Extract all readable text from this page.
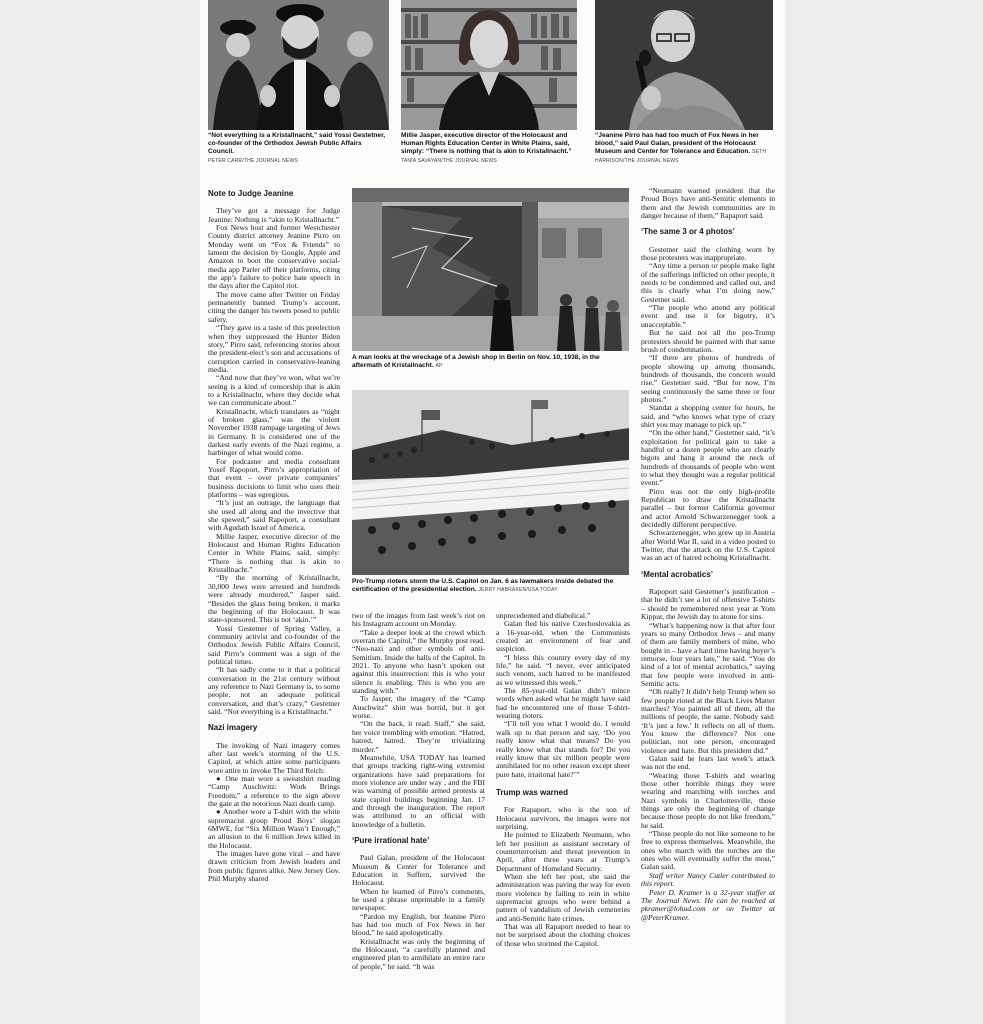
“Not everything is a Kristallnacht,” said Yossi Gestetner, co-founder of the Orthodox Jewish Public Affairs Council.
PETER CARR/THE JOURNAL NEWS
Millie Jasper, executive director of the Holocaust and Human Rights Education Center in White Plains, said, simply: “There is nothing that is akin to Kristallnacht.” TANIA SAVAYAN/THE JOURNAL NEWS
“Jeanine Pirro has had too much of Fox News in her blood,” said Paul Galan, president of the Holocaust Museum and Center for Tolerance and Education. SETH HARRISON/THE JOURNAL NEWS
Note to Judge Jeanine

They’ve got a message for Judge Jeanine: Nothing is “akin to Kristallnacht.”

Fox News host and former Westchester County district attorney Jeanine Pirro on Monday went on “Fox & Friends” to lament the decision by Google, Apple and Amazon to boot the conservative social-media app Parler off their platforms, citing the app’s failure to police hate speech in the days after the Capitol riot.

The move came after Twitter on Friday permanently banned Trump’s account, citing the danger his tweets posed to public safety.

“They gave us a taste of this preelection when they suppressed the Hunter Biden story,” Pirro said, referencing stories about the president-elect’s son and accusations of corruption carried in conservative-leaning media.

“And now that they’ve won, what we’re seeing is a kind of censorship that is akin to a Kristallnacht, where they decide what we can communicate about.”

Kristallnacht, which translates as “night of broken glass,” was the violent November 1938 rampage targeting of Jews in Germany. It is considered one of the darkest early events of the Nazi regime, a harbinger of what would come.

For podcaster and media consultant Yosef Rapoport, Pirro’s appropriation of that event – over private companies’ business decisions to limit who uses their platforms – was egregious.

“It’s just an outrage, the language that she used all along and the invective that she spewed,” said Rapoport, a consultant with Agudath Israel of America.

Millie Jasper, executive director of the Holocaust and Human Rights Education Center in White Plains, said, simply: “There is nothing that is akin to Kristallnacht.”

“By the morning of Kristallnacht, 30,000 Jews were arrested and hundreds were already murdered,” Jasper said. “Besides the glass being broken, it marks the beginning of the Holocaust. It was state-sponsored. This is not ‘akin.’”

Yossi Gestetner of Spring Valley, a community activist and co-founder of the Orthodox Jewish Public Affairs Council, said Pirro’s comment was a sign of the political times.

“It has sadly come to it that a political conversation in the 21st century without any reference to Nazi Germany is, to some people, not an adequate political conversation, and that’s crazy,” Gestetner said. “Not everything is a Kristallnacht.”

Nazi imagery

The invoking of Nazi imagery comes after last week’s storming of the U.S. Capitol, at which attire some participants wore attire to invoke The Third Reich:

● One man wore a sweatshirt reading “Camp Auschwitz: Work Brings Freedom,” a reference to the sign above the gate at the notorious Nazi death camp.

● Another wore a T-shirt with the white supremacist group Proud Boys’ slogan 6MWE, for “Six Million Wasn’t Enough,” an allusion to the 6 million Jews killed in the Holocaust.

The images have gone viral – and have drawn criticism from Jewish leaders and from public figures alike. New Jersey Gov. Phil Murphy shared

A man looks at the wreckage of a Jewish shop in Berlin on Nov. 10, 1938, in the aftermath of Kristallnacht. AP
Pro-Trump rioters storm the U.S. Capitol on Jan. 6 as lawmakers inside debated the certification of the presidential election. JERRY HABRAKEN/USA TODAY

two of the images from last week’s riot on his Instagram account on Monday.

“Take a deeper look at the crowd which overran the Capitol,” the Murphy post read. “Neo-nazi and other symbols of anti-Semitism. Inside the halls of the Capitol. In 2021. To anyone who hasn’t spoken out against this insurrection: this is who your silence is enabling. This is who you are standing with.”

To Jasper, the imagery of the “Camp Auschwitz” shirt was horrid, but it got worse.

“On the back, it read: Staff,” she said, her voice trembling with emotion. “Hatred, hatred, hatred. They’re trivializing murder.”

Meanwhile, USA TODAY has learned that groups tracking right-wing extremist organizations have said preparations for more violence are under way , and the FBI was warning of possible armed protests at state capitol buildings beginning Jan. 17 and through the inauguration. The report was attributed to an official with knowledge of a bulletin.

‘Pure irrational hate’

Paul Galan, president of the Holocaust Museum & Center for Tolerance and Education in Suffern, survived the Holocaust.

When he learned of Pirro’s comments, he used a phrase unprintable in a family newspaper.

“Pardon my English, but Jeanine Pirro has had too much of Fox News in her blood,” he said apologetically.

Kristallnacht was only the beginning of the Holocaust, “a carefully planned and engineered plan to annihilate an entire race of people,” he said. “It was

unprecedented and diabolical.”

Galan fled his native Czechoslovakia as a 16-year-old, when the Communists created an environment of fear and suspicion.

“I bless this country every day of my life,” he said. “I never, ever anticipated such venom, such hatred to be manifested as we witnessed this week.”

The 85-year-old Galan didn’t mince words when asked what he might have said had he encountered one of those T-shirt-wearing rioters.

“I’ll tell you what I would do. I would walk up to that person and say, ‘Do you really know what that means? Do you really know what that stands for? Do you really know that six million people were annihilated for no other reason except sheer pure hate, irrational hate?’”

Trump was warned

For Rapaport, who is the son of Holocaust survivors, the images were not surprising.

He pointed to Elizabeth Neumann, who left her position as assistant secretary of counterterrorism and threat prevention in April, after three years at Trump’s Department of Homeland Security.

When she left her post, she said the administration was paving the way for even more violence by failing to rein in white supremacist groups who were behind a pattern of vandalism of Jewish cemeteries and anti-Semitic hate crimes.

That was all Rapaport needed to hear to not be surprised about the clothing choices of those who stormed the Capitol.

“Neumann warned president that the Proud Boys have anti-Semitic elements in them and the Jewish communities are in danger because of them,” Rapaport said.

‘The same 3 or 4 photos’

Gestetner said the clothing worn by those protesters was inappropriate.

“Any time a person or people make light of the sufferings inflicted on other people, it needs to be condemned and called out, and this is clearly what I’m doing now,” Gestetner said.

“The people who attend any political event and use it for bigotry, it’s unacceptable.”

But he said not all the pro-Trump protesters should be painted with that same brush of condemnation.

“If there are photos of hundreds of people showing up among thousands, hundreds of thousands, the concern would rise,” Gestetner said. “But for now, I’m seeing continuously the same three or four photos.”

Standat a shopping center for hours, he said, and “who knows what type of crazy shirt you may manage to pick up.”

“On the other hand,” Gestetner said, “it’s exploitation for political gain to take a handful or a dozen people who are clearly bigots and hang it around the neck of hundreds of thousands of people who went to what they thought was a regular political event.”

Pirro was not the only high-profile Republican to draw the Kristallnacht parallel – but former California governor and actor Arnold Schwarzenegger took a decidedly different perspective.

Schwarzenegger, who grew up in Austria after World War II, said in a video posted to Twitter, that the attack on the U.S. Capitol was an act of hatred echoing Kristallnacht.

‘Mental acrobatics’

Rapoport said Gestetner’s justification – that he didn’t see a lot of offensive T-shirts – should be remembered next year at Yom Kippur, the Jewish day to atone for sins.

“What’s happening now is that after four years so many Orthodox Jews – and many of them are family members of mine, who bought in – have a hard time having buyer’s remorse, four years late,” he said. “You do kind of a lot of mental acrobatics,” saying that few people were involved in anti-Semitic acts.

“Oh really? It didn’t help Trump when so few people rioted at the Black Lives Matter marches? You painted all of them, all the millions of people, the same. Nobody said: ‘It’s just a few.’ It reflects on all of them. You know the difference? Not one politician, not one person, encouraged violence and hate. But this president did.”

Galan said he fears last week’s attack was not the end.

“Wearing those T-shirts and wearing those other horrible things they were wearing and marching with torches and Nazi symbols in Charlottesville, those things are only the beginning of change because those people do not like freedom,” he said.

“Those people do not like someone to be free to express themselves. Meanwhile, the ones who march with the torches are the ones who will eventually suffer the most,” Galan said.

Staff writer Nancy Cutler contributed to this report.

Peter D. Kramer is a 32-year staffer at The Journal News. He can be reached at pkramer@lohud.com or on Twitter at @PeterKramer.
